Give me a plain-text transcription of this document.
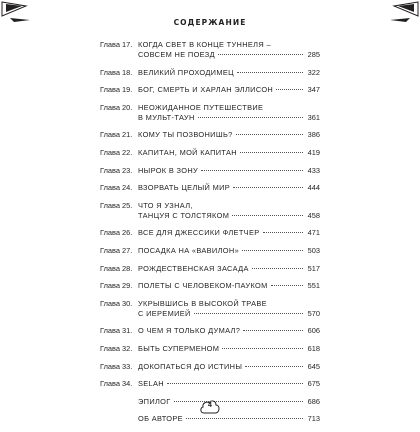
СОДЕРЖАНИЕ
Глава 17. КОГДА СВЕТ В КОНЦЕ ТУННЕЛЯ –
СОВСЕМ НЕ ПОЕЗД	285
Глава 18. ВЕЛИКИЙ ПРОХОДИМЕЦ	322
Глава 19. БОГ, СМЕРТЬ И ХАРЛАН ЭЛЛИСОН	347
Глава 20. НЕОЖИДАННОЕ ПУТЕШЕСТВИЕ
В МУЛЬТ-ТАУН	361
Глава 21. КОМУ ТЫ ПОЗВОНИШЬ?	386
Глава 22. КАПИТАН, МОЙ КАПИТАН	419
Глава 23. НЫРОК В ЗОНУ	433
Глава 24. ВЗОРВАТЬ ЦЕЛЫЙ МИР	444
Глава 25. ЧТО Я УЗНАЛ,
ТАНЦУЯ С ТОЛСТЯКОМ	458
Глава 26. ВСЕ ДЛЯ ДЖЕССИКИ ФЛЕТЧЕР	471
Глава 27. ПОСАДКА НА «ВАВИЛОН»	503
Глава 28. РОЖДЕСТВЕНСКАЯ ЗАСАДА	517
Глава 29. ПОЛЕТЫ С ЧЕЛОВЕКОМ-ПАУКОМ	551
Глава 30. УКРЫВШИСЬ В ВЫСОКОЙ ТРАВЕ
С ИЕРЕМИЕЙ	570
Глава 31. О ЧЕМ Я ТОЛЬКО ДУМАЛ?	606
Глава 32. БЫТЬ СУПЕРМЕНОМ	618
Глава 33. ДОКОПАТЬСЯ ДО ИСТИНЫ	645
Глава 34. SELAH	675
ЭПИЛОГ	686
ОБ АВТОРЕ	713
4
